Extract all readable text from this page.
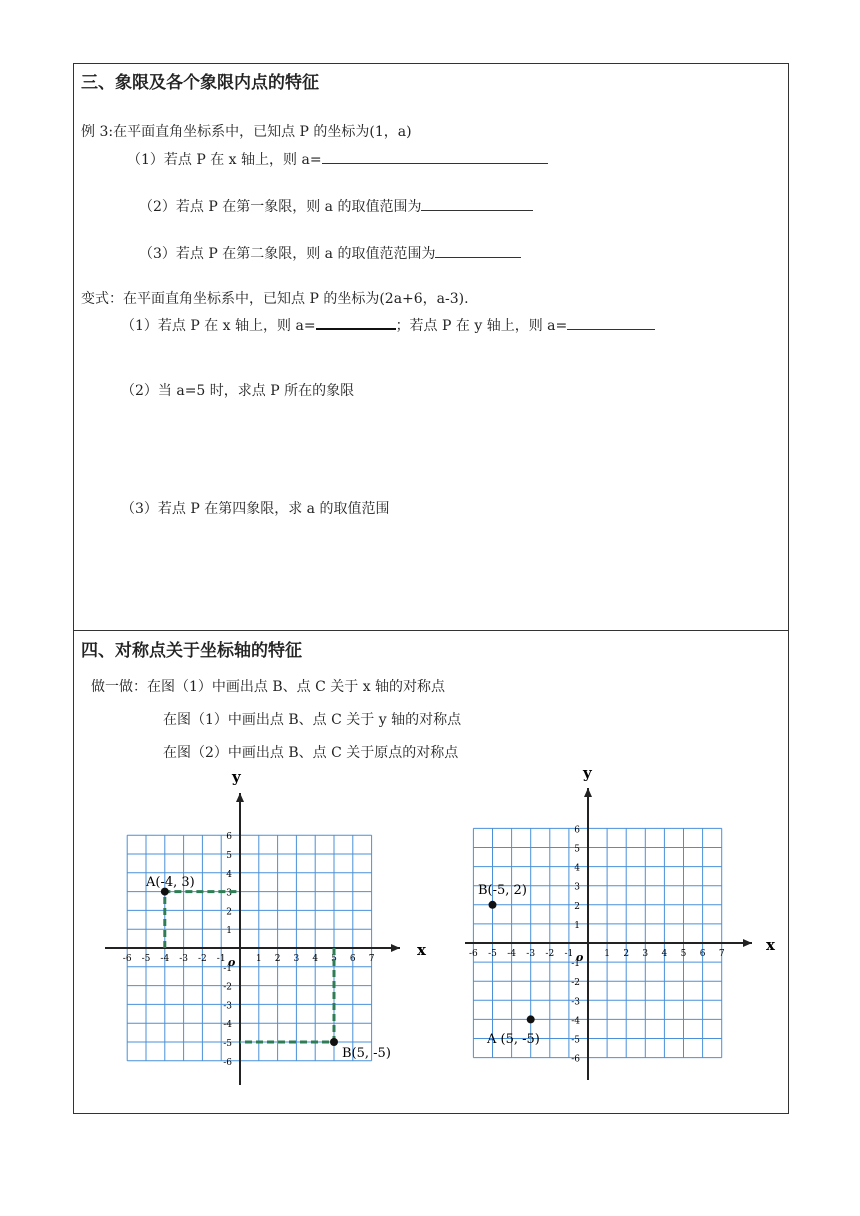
三、象限及各个象限内点的特征
例 3:在平面直角坐标系中，已知点 P 的坐标为(1，a)
（1）若点 P 在 x 轴上，则 a=
（2）若点 P 在第一象限，则 a 的取值范围为
（3）若点 P 在第二象限，则 a 的取值范范围为
变式：在平面直角坐标系中，已知点 P 的坐标为(2a+6，a-3).
（1）若点 P 在 x 轴上，则 a=	；若点 P 在 y 轴上，则 a=
（2）当 a=5 时，求点 P 所在的象限
（3）若点 P 在第四象限，求 a 的取值范围
四、对称点关于坐标轴的特征
做一做：在图（1）中画出点 B、点 C 关于 x 轴的对称点
在图（1）中画出点 B、点 C 关于 y 轴的对称点
在图（2）中画出点 B、点 C 关于原点的对称点
x
y
o
-6 -5 -4 -3 -2 -1	1 2 3 4 5 6 7
6
5
4
3
2
1
-1
-2
-3
-4
-5
-6
A(-4, 3)
B(5, -5)
x
y
o
-6 -5 -4 -3 -2 -1	1 2 3 4 5 6 7
6
5
4
3
2
1
-1
-2
-3
-4
-5
-6
B(-5, 2)
A (5, -5)
